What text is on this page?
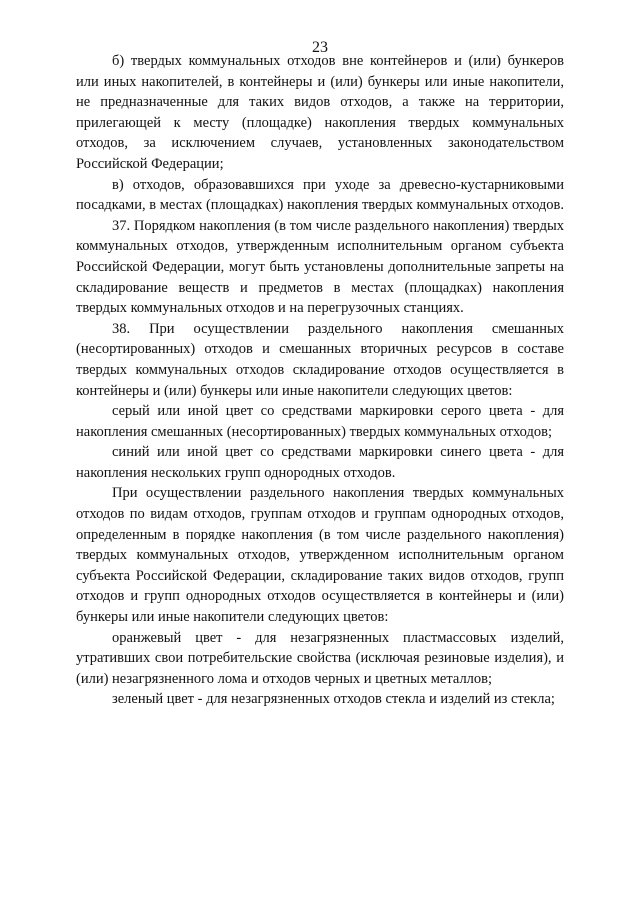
23

б) твердых коммунальных отходов вне контейнеров и (или) бункеров или иных накопителей, в контейнеры и (или) бункеры или иные накопители, не предназначенные для таких видов отходов, а также на территории, прилегающей к месту (площадке) накопления твердых коммунальных отходов, за исключением случаев, установленных законодательством Российской Федерации;

в) отходов, образовавшихся при уходе за древесно-кустарниковыми посадками, в местах (площадках) накопления твердых коммунальных отходов.

37. Порядком накопления (в том числе раздельного накопления) твердых коммунальных отходов, утвержденным исполнительным органом субъекта Российской Федерации, могут быть установлены дополнительные запреты на складирование веществ и предметов в местах (площадках) накопления твердых коммунальных отходов и на перегрузочных станциях.

38. При осуществлении раздельного накопления смешанных (несортированных) отходов и смешанных вторичных ресурсов в составе твердых коммунальных отходов складирование отходов осуществляется в контейнеры и (или) бункеры или иные накопители следующих цветов:

серый или иной цвет со средствами маркировки серого цвета - для накопления смешанных (несортированных) твердых коммунальных отходов;

синий или иной цвет со средствами маркировки синего цвета - для накопления нескольких групп однородных отходов.

При осуществлении раздельного накопления твердых коммунальных отходов по видам отходов, группам отходов и группам однородных отходов, определенным в порядке накопления (в том числе раздельного накопления) твердых коммунальных отходов, утвержденном исполнительным органом субъекта Российской Федерации, складирование таких видов отходов, групп отходов и групп однородных отходов осуществляется в контейнеры и (или) бункеры или иные накопители следующих цветов:

оранжевый цвет - для незагрязненных пластмассовых изделий, утративших свои потребительские свойства (исключая резиновые изделия), и (или) незагрязненного лома и отходов черных и цветных металлов;

зеленый цвет - для незагрязненных отходов стекла и изделий из стекла;
